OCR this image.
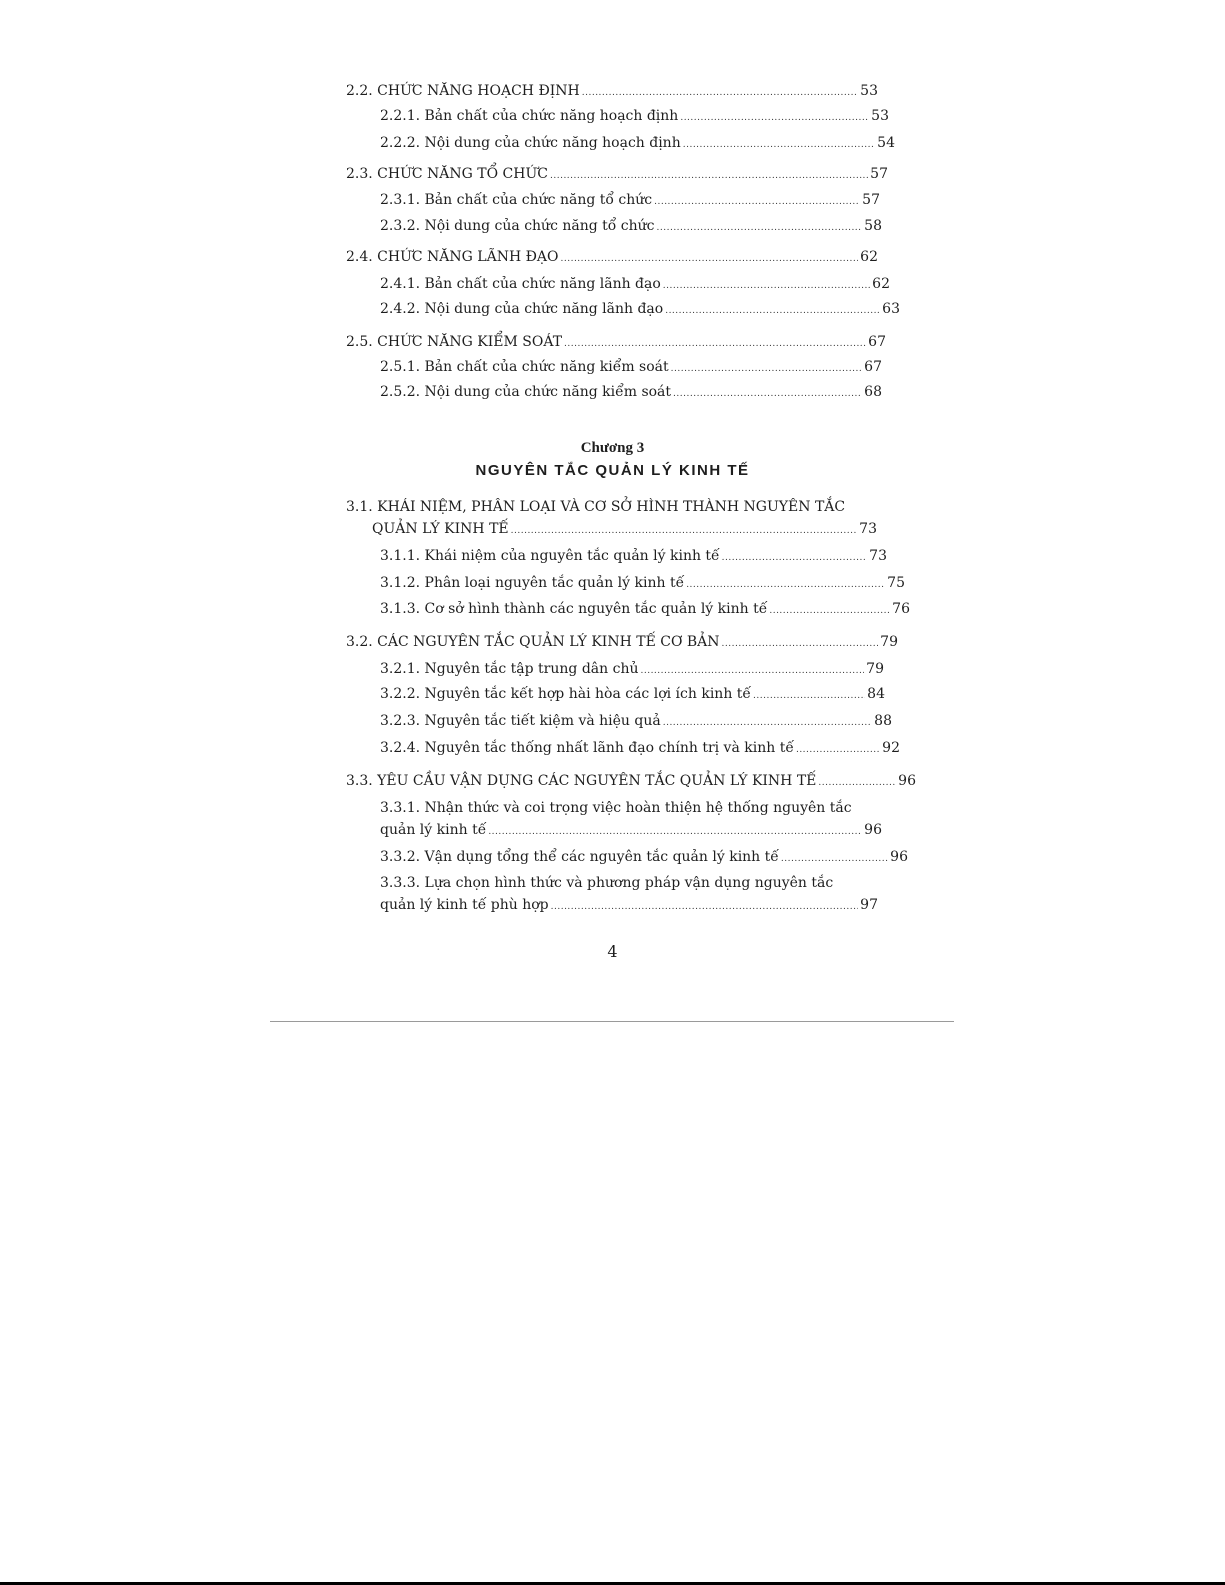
2.2. CHỨC NĂNG HOẠCH ĐỊNH .....	53
2.2.1. Bản chất của chức năng hoạch định .....	53
2.2.2. Nội dung của chức năng hoạch định .....	54
2.3. CHỨC NĂNG TỔ CHỨC .....	57
2.3.1. Bản chất của chức năng tổ chức .....	57
2.3.2. Nội dung của chức năng tổ chức .....	58
2.4. CHỨC NĂNG LÃNH ĐẠO .....	62
2.4.1. Bản chất của chức năng lãnh đạo .....	62
2.4.2. Nội dung của chức năng lãnh đạo .....	63
2.5. CHỨC NĂNG KIỂM SOÁT .....	67
2.5.1. Bản chất của chức năng kiểm soát .....	67
2.5.2. Nội dung của chức năng kiểm soát .....	68
Chương 3
NGUYÊN TẮC QUẢN LÝ KINH TẾ
3.1. KHÁI NIỆM, PHÂN LOẠI VÀ CƠ SỞ HÌNH THÀNH NGUYÊN TẮC
QUẢN LÝ KINH TẾ .....	73
3.1.1. Khái niệm của nguyên tắc quản lý kinh tế .....	73
3.1.2. Phân loại nguyên tắc quản lý kinh tế .....	75
3.1.3. Cơ sở hình thành các nguyên tắc quản lý kinh tế .....	76
3.2. CÁC NGUYÊN TẮC QUẢN LÝ KINH TẾ CƠ BẢN .....	79
3.2.1. Nguyên tắc tập trung dân chủ .....	79
3.2.2. Nguyên tắc kết hợp hài hòa các lợi ích kinh tế .....	84
3.2.3. Nguyên tắc tiết kiệm và hiệu quả .....	88
3.2.4. Nguyên tắc thống nhất lãnh đạo chính trị và kinh tế .....	92
3.3. YÊU CẦU VẬN DỤNG CÁC NGUYÊN TẮC QUẢN LÝ KINH TẾ .....	96
3.3.1. Nhận thức và coi trọng việc hoàn thiện hệ thống nguyên tắc
quản lý kinh tế .....	96
3.3.2. Vận dụng tổng thể các nguyên tắc quản lý kinh tế .....	96
3.3.3. Lựa chọn hình thức và phương pháp vận dụng nguyên tắc
quản lý kinh tế phù hợp .....	97
4
